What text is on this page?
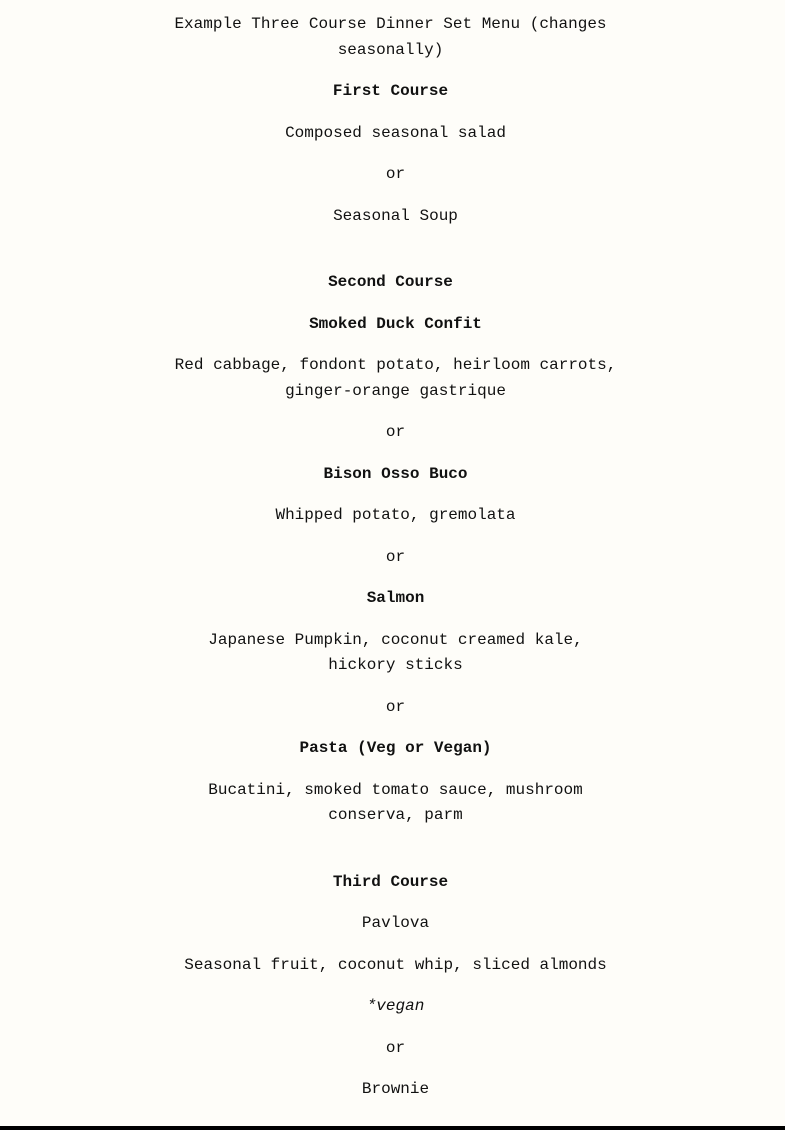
Example Three Course Dinner Set Menu (changes seasonally)

First Course

Composed seasonal salad

or

Seasonal Soup

Second Course

Smoked Duck Confit

Red cabbage, fondont potato, heirloom carrots, ginger-orange gastrique

or

Bison Osso Buco

Whipped potato, gremolata

or

Salmon

Japanese Pumpkin, coconut creamed kale, hickory sticks

or

Pasta (Veg or Vegan)

Bucatini, smoked tomato sauce, mushroom conserva, parm

Third Course

Pavlova

Seasonal fruit, coconut whip, sliced almonds

*vegan

or

Brownie
